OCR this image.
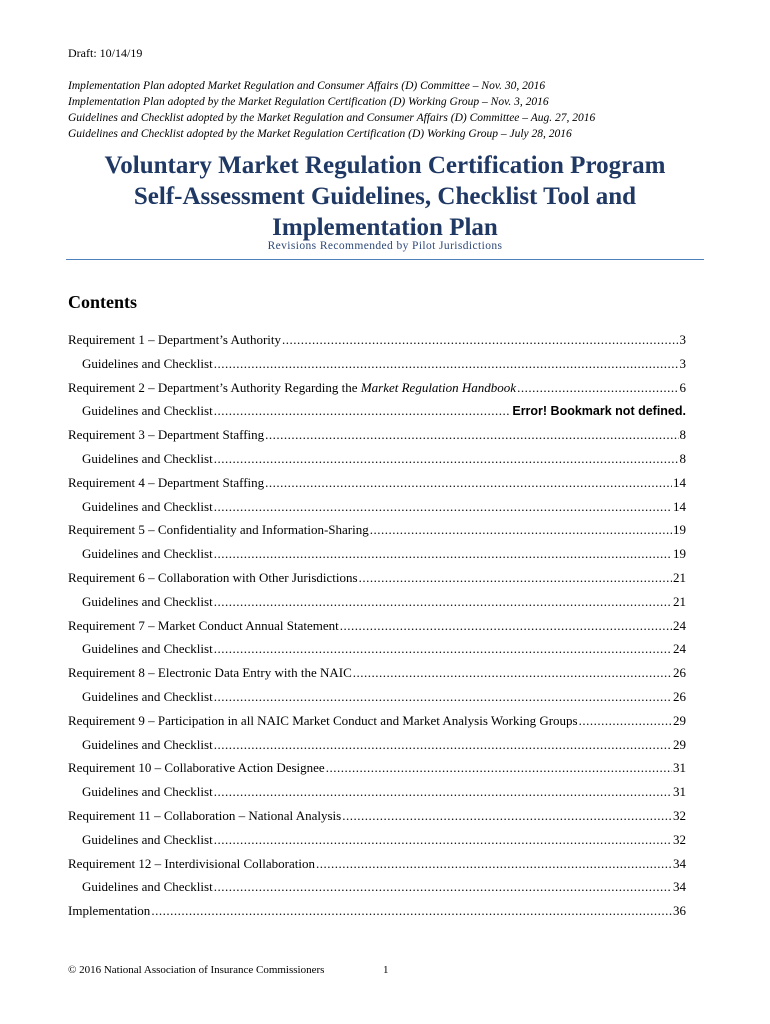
Draft: 10/14/19
Implementation Plan adopted Market Regulation and Consumer Affairs (D) Committee – Nov. 30, 2016
Implementation Plan adopted by the Market Regulation Certification (D) Working Group – Nov. 3, 2016
Guidelines and Checklist adopted by the Market Regulation and Consumer Affairs (D) Committee – Aug. 27, 2016
Guidelines and Checklist adopted by the Market Regulation Certification (D) Working Group – July 28, 2016
Voluntary Market Regulation Certification Program
Self-Assessment Guidelines, Checklist Tool and
Implementation Plan
Revisions Recommended by Pilot Jurisdictions
Contents
Requirement 1 – Department’s Authority .....	3
Guidelines and Checklist .....	3
Requirement 2 – Department’s Authority Regarding the Market Regulation Handbook .....	6
Guidelines and Checklist .....	Error! Bookmark not defined.
Requirement 3 – Department Staffing .....	8
Guidelines and Checklist .....	8
Requirement 4 – Department Staffing .....	14
Guidelines and Checklist .....	14
Requirement 5 – Confidentiality and Information-Sharing .....	19
Guidelines and Checklist .....	19
Requirement 6 – Collaboration with Other Jurisdictions .....	21
Guidelines and Checklist .....	21
Requirement 7 – Market Conduct Annual Statement .....	24
Guidelines and Checklist .....	24
Requirement 8 – Electronic Data Entry with the NAIC .....	26
Guidelines and Checklist .....	26
Requirement 9 – Participation in all NAIC Market Conduct and Market Analysis Working Groups .....	29
Guidelines and Checklist .....	29
Requirement 10 – Collaborative Action Designee .....	31
Guidelines and Checklist .....	31
Requirement 11 – Collaboration – National Analysis .....	32
Guidelines and Checklist .....	32
Requirement 12 – Interdivisional Collaboration .....	34
Guidelines and Checklist .....	34
Implementation .....	36
© 2016 National Association of Insurance Commissioners	1
